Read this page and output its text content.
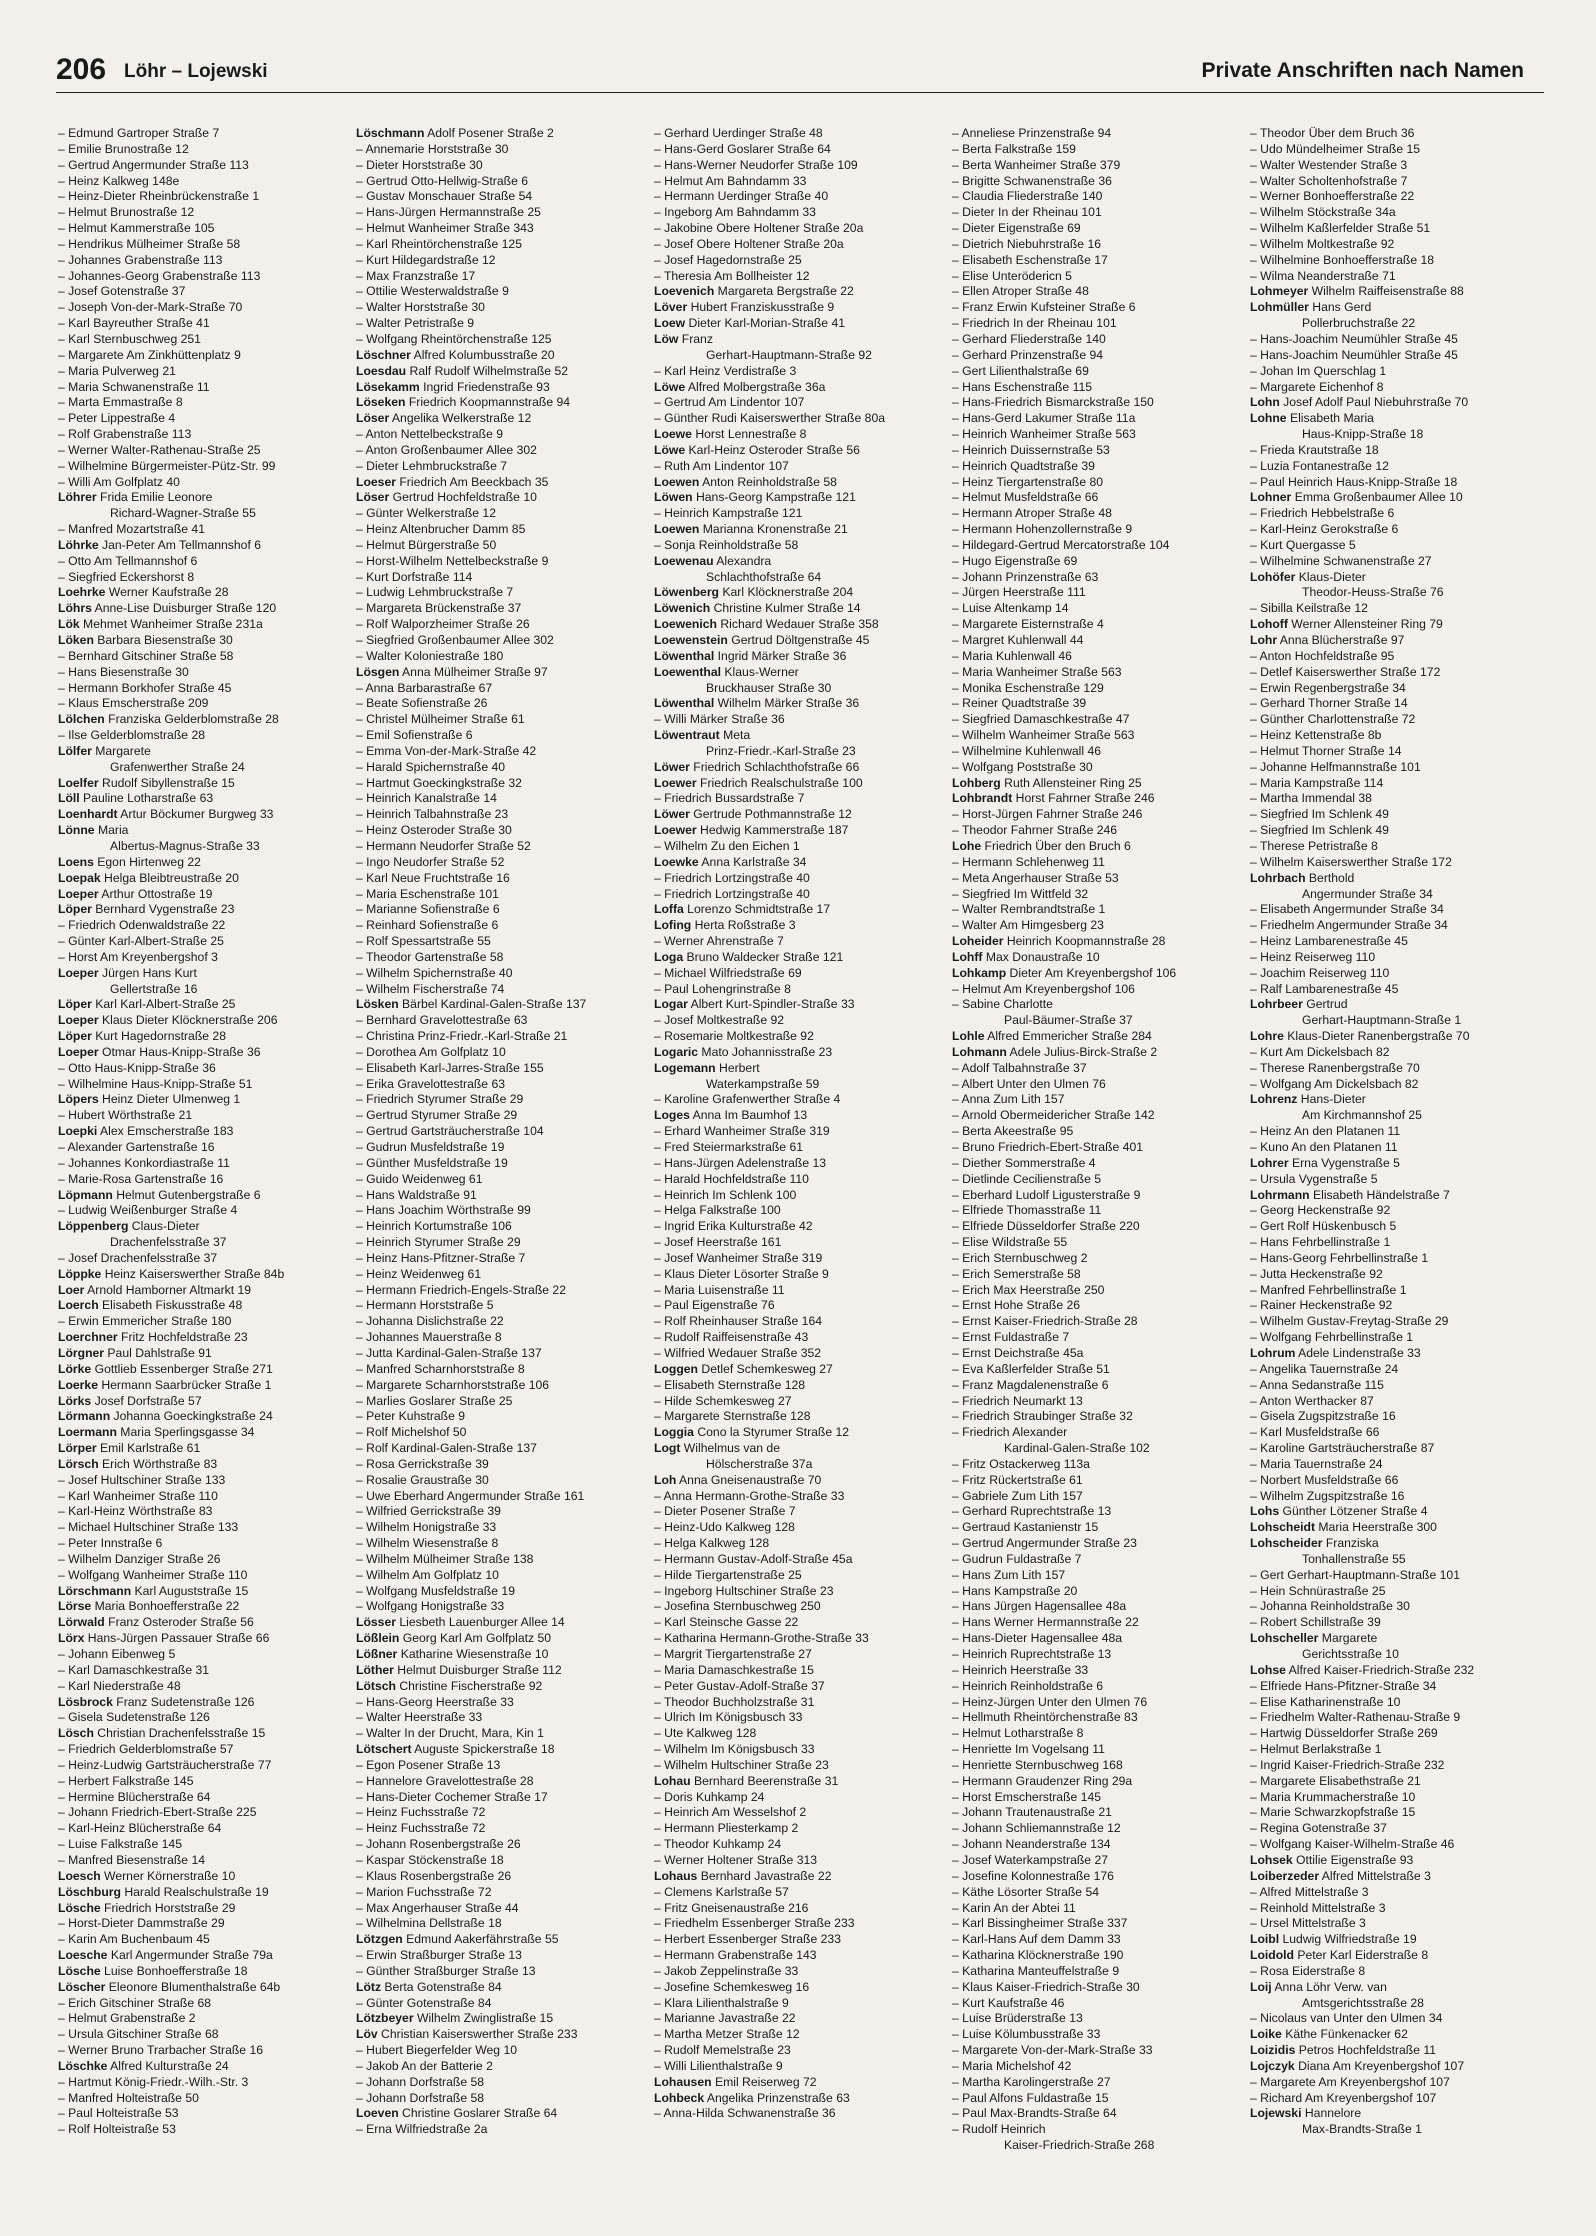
206 Löhr – Lojewski	Private Anschriften nach Namen
– Edmund Gartroper Straße 7
– Emilie Brunostraße 12
– Gertrud Angermunder Straße 113
– Heinz Kalkweg 148e
– Heinz-Dieter Rheinbrückenstraße 1
– Helmut Brunostraße 12
– Helmut Kammerstraße 105
– Hendrikus Mülheimer Straße 58
– Johannes Grabenstraße 113
– Johannes-Georg Grabenstraße 113
– Josef Gotenstraße 37
– Joseph Von-der-Mark-Straße 70
– Karl Bayreuther Straße 41
– Karl Sternbuschweg 251
– Margarete Am Zinkhüttenplatz 9
– Maria Pulverweg 21
– Maria Schwanenstraße 11
– Marta Emmastraße 8
– Peter Lippestraße 4
– Rolf Grabenstraße 113
– Werner Walter-Rathenau-Straße 25
– Wilhelmine Bürgermeister-Pütz-Str. 99
– Willi Am Golfplatz 40
Löhrer Frida Emilie Leonore
Richard-Wagner-Straße 55
– Manfred Mozartstraße 41
Löhrke Jan-Peter Am Tellmannshof 6
– Otto Am Tellmannshof 6
– Siegfried Eckershorst 8
Loehrke Werner Kaufstraße 28
Löhrs Anne-Lise Duisburger Straße 120
Lök Mehmet Wanheimer Straße 231a
Löken Barbara Biesenstraße 30
– Bernhard Gitschiner Straße 58
– Hans Biesenstraße 30
– Hermann Borkhofer Straße 45
– Klaus Emscherstraße 209
Lölchen Franziska Gelderblomstraße 28
– Ilse Gelderblomstraße 28
Lölfer Margarete
Grafenwerther Straße 24
Loelfer Rudolf Sibyllenstraße 15
Löll Pauline Lotharstraße 63
Loenhardt Artur Böckumer Burgweg 33
Lönne Maria
Albertus-Magnus-Straße 33
Loens Egon Hirtenweg 22
Loepak Helga Bleibtreustraße 20
Loeper Arthur Ottostraße 19
Löper Bernhard Vygenstraße 23
– Friedrich Odenwaldstraße 22
– Günter Karl-Albert-Straße 25
– Horst Am Kreyenbergshof 3
Loeper Jürgen Hans Kurt
Gellertstraße 16
Löper Karl Karl-Albert-Straße 25
Loeper Klaus Dieter Klöcknerstraße 206
Löper Kurt Hagedornstraße 28
Loeper Otmar Haus-Knipp-Straße 36
– Otto Haus-Knipp-Straße 36
– Wilhelmine Haus-Knipp-Straße 51
Löpers Heinz Dieter Ulmenweg 1
– Hubert Wörthstraße 21
Loepki Alex Emscherstraße 183
– Alexander Gartenstraße 16
– Johannes Konkordiastraße 11
– Marie-Rosa Gartenstraße 16
Löpmann Helmut Gutenbergstraße 6
– Ludwig Weißenburger Straße 4
Löppenberg Claus-Dieter
Drachenfelsstraße 37
– Josef Drachenfelsstraße 37
Löppke Heinz Kaiserswerther Straße 84b
Loer Arnold Hamborner Altmarkt 19
Loerch Elisabeth Fiskusstraße 48
– Erwin Emmericher Straße 180
Loerchner Fritz Hochfeldstraße 23
Lörgner Paul Dahlstraße 91
Lörke Gottlieb Essenberger Straße 271
Loerke Hermann Saarbrücker Straße 1
Lörks Josef Dorfstraße 57
Lörmann Johanna Goeckingkstraße 24
Loermann Maria Sperlingsgasse 34
Lörper Emil Karlstraße 61
Lörsch Erich Wörthstraße 83
– Josef Hultschiner Straße 133
– Karl Wanheimer Straße 110
– Karl-Heinz Wörthstraße 83
– Michael Hultschiner Straße 133
– Peter Innstraße 6
– Wilhelm Danziger Straße 26
– Wolfgang Wanheimer Straße 110
Lörschmann Karl Auguststraße 15
Lörse Maria Bonhoefferstraße 22
Lörwald Franz Osteroder Straße 56
Lörx Hans-Jürgen Passauer Straße 66
– Johann Eibenweg 5
– Karl Damaschkestraße 31
– Karl Niederstraße 48
Lösbrock Franz Sudetenstraße 126
– Gisela Sudetenstraße 126
Lösch Christian Drachenfelsstraße 15
– Friedrich Gelderblomstraße 57
– Heinz-Ludwig Gartsträucherstraße 77
– Herbert Falkstraße 145
– Hermine Blücherstraße 64
– Johann Friedrich-Ebert-Straße 225
– Karl-Heinz Blücherstraße 64
– Luise Falkstraße 145
– Manfred Biesenstraße 14
Loesch Werner Körnerstraße 10
Löschburg Harald Realschulstraße 19
Lösche Friedrich Horststraße 29
– Horst-Dieter Dammstraße 29
– Karin Am Buchenbaum 45
Loesche Karl Angermunder Straße 79a
Lösche Luise Bonhoefferstraße 18
Löscher Eleonore Blumenthalstraße 64b
– Erich Gitschiner Straße 68
– Helmut Grabenstraße 2
– Ursula Gitschiner Straße 68
– Werner Bruno Trarbacher Straße 16
Löschke Alfred Kulturstraße 24
– Hartmut König-Friedr.-Wilh.-Str. 3
– Manfred Holteistraße 50
– Paul Holteistraße 53
– Rolf Holteistraße 53
Löschmann Adolf Posener Straße 2
– Annemarie Horststraße 30
– Dieter Horststraße 30
– Gertrud Otto-Hellwig-Straße 6
– Gustav Monschauer Straße 54
– Hans-Jürgen Hermannstraße 25
– Helmut Wanheimer Straße 343
– Karl Rheintörchenstraße 125
– Kurt Hildegardstraße 12
– Max Franzstraße 17
– Ottilie Westerwaldstraße 9
– Walter Horststraße 30
– Walter Petristraße 9
– Wolfgang Rheintörchenstraße 125
Löschner Alfred Kolumbusstraße 20
Loesdau Ralf Rudolf Wilhelmstraße 52
Lösekamm Ingrid Friedenstraße 93
Löseken Friedrich Koopmannstraße 94
Löser Angelika Welkerstraße 12
– Anton Nettelbeckstraße 9
– Anton Großenbaumer Allee 302
– Dieter Lehmbruckstraße 7
Loeser Friedrich Am Beeckbach 35
Löser Gertrud Hochfeldstraße 10
– Günter Welkerstraße 12
– Heinz Altenbrucher Damm 85
– Helmut Bürgerstraße 50
– Horst-Wilhelm Nettelbeckstraße 9
– Kurt Dorfstraße 114
– Ludwig Lehmbruckstraße 7
– Margareta Brückenstraße 37
– Rolf Walporzheimer Straße 26
– Siegfried Großenbaumer Allee 302
– Walter Koloniestraße 180
Lösgen Anna Mülheimer Straße 97
– Anna Barbarastraße 67
– Beate Sofienstraße 26
– Christel Mülheimer Straße 61
– Emil Sofienstraße 6
– Emma Von-der-Mark-Straße 42
– Harald Spichernstraße 40
– Hartmut Goeckingkstraße 32
– Heinrich Kanalstraße 14
– Heinrich Talbahnstraße 23
– Heinz Osteroder Straße 30
– Hermann Neudorfer Straße 52
– Ingo Neudorfer Straße 52
– Karl Neue Fruchtstraße 16
– Maria Eschenstraße 101
– Marianne Sofienstraße 6
– Reinhard Sofienstraße 6
– Rolf Spessartstraße 55
– Theodor Gartenstraße 58
– Wilhelm Spichernstraße 40
– Wilhelm Fischerstraße 74
Lösken Bärbel Kardinal-Galen-Straße 137
– Bernhard Gravelottestraße 63
– Christina Prinz-Friedr.-Karl-Straße 21
– Dorothea Am Golfplatz 10
– Elisabeth Karl-Jarres-Straße 155
– Erika Gravelottestraße 63
– Friedrich Styrumer Straße 29
– Gertrud Styrumer Straße 29
– Gertrud Gartsträucherstraße 104
– Gudrun Musfeldstraße 19
– Günther Musfeldstraße 19
– Guido Weidenweg 61
– Hans Waldstraße 91
– Hans Joachim Wörthstraße 99
– Heinrich Kortumstraße 106
– Heinrich Styrumer Straße 29
– Heinz Hans-Pfitzner-Straße 7
– Heinz Weidenweg 61
– Hermann Friedrich-Engels-Straße 22
– Hermann Horststraße 5
– Johanna Dislichstraße 22
– Johannes Mauerstraße 8
– Jutta Kardinal-Galen-Straße 137
– Manfred Scharnhorststraße 8
– Margarete Scharnhorststraße 106
– Marlies Goslarer Straße 25
– Peter Kuhstraße 9
– Rolf Michelshof 50
– Rolf Kardinal-Galen-Straße 137
– Rosa Gerrickstraße 39
– Rosalie Graustraße 30
– Uwe Eberhard Angermunder Straße 161
– Wilfried Gerrickstraße 39
– Wilhelm Honigstraße 33
– Wilhelm Wiesenstraße 8
– Wilhelm Mülheimer Straße 138
– Wilhelm Am Golfplatz 10
– Wolfgang Musfeldstraße 19
– Wolfgang Honigstraße 33
Lösser Liesbeth Lauenburger Allee 14
Lößlein Georg Karl Am Golfplatz 50
Lößner Katharine Wiesenstraße 10
Löther Helmut Duisburger Straße 112
Lötsch Christine Fischerstraße 92
– Hans-Georg Heerstraße 33
– Walter Heerstraße 33
– Walter In der Drucht, Mara, Kin 1
Lötschert Auguste Spickerstraße 18
– Egon Posener Straße 13
– Hannelore Gravelottestraße 28
– Hans-Dieter Cochemer Straße 17
– Heinz Fuchsstraße 72
– Heinz Fuchsstraße 72
– Johann Rosenbergstraße 26
– Kaspar Stöckenstraße 18
– Klaus Rosenbergstraße 26
– Marion Fuchsstraße 72
– Max Angerhauser Straße 44
– Wilhelmina Dellstraße 18
Lötzgen Edmund Aakerfährstraße 55
– Erwin Straßburger Straße 13
– Günther Straßburger Straße 13
Lötz Berta Gotenstraße 84
– Günter Gotenstraße 84
Lötzbeyer Wilhelm Zwinglistraße 15
Löv Christian Kaiserswerther Straße 233
– Hubert Biegerfelder Weg 10
– Jakob An der Batterie 2
– Johann Dorfstraße 58
– Johann Dorfstraße 58
Loeven Christine Goslarer Straße 64
– Erna Wilfriedstraße 2a
– Gerhard Uerdinger Straße 48
– Hans-Gerd Goslarer Straße 64
– Hans-Werner Neudorfer Straße 109
– Helmut Am Bahndamm 33
– Hermann Uerdinger Straße 40
– Ingeborg Am Bahndamm 33
– Jakobine Obere Holtener Straße 20a
– Josef Obere Holtener Straße 20a
– Josef Hagedornstraße 25
– Theresia Am Bollheister 12
Loevenich Margareta Bergstraße 22
Löver Hubert Franziskusstraße 9
Loew Dieter Karl-Morian-Straße 41
Löw Franz
Gerhart-Hauptmann-Straße 92
– Karl Heinz Verdistraße 3
Löwe Alfred Molbergstraße 36a
– Gertrud Am Lindentor 107
– Günther Rudi Kaiserswerther Straße 80a
Loewe Horst Lennestraße 8
Löwe Karl-Heinz Osteroder Straße 56
– Ruth Am Lindentor 107
Loewen Anton Reinholdstraße 58
Löwen Hans-Georg Kampstraße 121
– Heinrich Kampstraße 121
Loewen Marianna Kronenstraße 21
– Sonja Reinholdstraße 58
Loewenau Alexandra
Schlachthofstraße 64
Löwenberg Karl Klöcknerstraße 204
Löwenich Christine Kulmer Straße 14
Loewenich Richard Wedauer Straße 358
Loewenstein Gertrud Döltgenstraße 45
Löwenthal Ingrid Märker Straße 36
Loewenthal Klaus-Werner
Bruckhauser Straße 30
Löwenthal Wilhelm Märker Straße 36
– Willi Märker Straße 36
Löwentraut Meta
Prinz-Friedr.-Karl-Straße 23
Löwer Friedrich Schlachthofstraße 66
Loewer Friedrich Realschulstraße 100
– Friedrich Bussardstraße 7
Löwer Gertrude Pothmannstraße 12
Loewer Hedwig Kammerstraße 187
– Wilhelm Zu den Eichen 1
Loewke Anna Karlstraße 34
– Friedrich Lortzingstraße 40
– Friedrich Lortzingstraße 40
Loffa Lorenzo Schmidtstraße 17
Lofing Herta Roßstraße 3
– Werner Ahrenstraße 7
Loga Bruno Waldecker Straße 121
– Michael Wilfriedstraße 69
– Paul Lohengrinstraße 8
Logar Albert Kurt-Spindler-Straße 33
– Josef Moltkestraße 92
– Rosemarie Moltkestraße 92
Logaric Mato Johannisstraße 23
Logemann Herbert
Waterkampstraße 59
– Karoline Grafenwerther Straße 4
Loges Anna Im Baumhof 13
– Erhard Wanheimer Straße 319
– Fred Steiermarkstraße 61
– Hans-Jürgen Adelenstraße 13
– Harald Hochfeldstraße 110
– Heinrich Im Schlenk 100
– Helga Falkstraße 100
– Ingrid Erika Kulturstraße 42
– Josef Heerstraße 161
– Josef Wanheimer Straße 319
– Klaus Dieter Lösorter Straße 9
– Maria Luisenstraße 11
– Paul Eigenstraße 76
– Rolf Rheinhauser Straße 164
– Rudolf Raiffeisenstraße 43
– Wilfried Wedauer Straße 352
Loggen Detlef Schemkesweg 27
– Elisabeth Sternstraße 128
– Hilde Schemkesweg 27
– Margarete Sternstraße 128
Loggia Cono la Styrumer Straße 12
Logt Wilhelmus van de
Hölscherstraße 37a
Loh Anna Gneisenaustraße 70
– Anna Hermann-Grothe-Straße 33
– Dieter Posener Straße 7
– Heinz-Udo Kalkweg 128
– Helga Kalkweg 128
– Hermann Gustav-Adolf-Straße 45a
– Hilde Tiergartenstraße 25
– Ingeborg Hultschiner Straße 23
– Josefina Sternbuschweg 250
– Karl Steinsche Gasse 22
– Katharina Hermann-Grothe-Straße 33
– Margrit Tiergartenstraße 27
– Maria Damaschkestraße 15
– Peter Gustav-Adolf-Straße 37
– Theodor Buchholzstraße 31
– Ulrich Im Königsbusch 33
– Ute Kalkweg 128
– Wilhelm Im Königsbusch 33
– Wilhelm Hultschiner Straße 23
Lohau Bernhard Beerenstraße 31
– Doris Kuhkamp 24
– Heinrich Am Wesselshof 2
– Hermann Pliesterkamp 2
– Theodor Kuhkamp 24
– Werner Holtener Straße 313
Lohaus Bernhard Javastraße 22
– Clemens Karlstraße 57
– Fritz Gneisenaustraße 216
– Friedhelm Essenberger Straße 233
– Herbert Essenberger Straße 233
– Hermann Grabenstraße 143
– Jakob Zeppelinstraße 33
– Josefine Schemkesweg 16
– Klara Lilienthalstraße 9
– Marianne Javastraße 22
– Martha Metzer Straße 12
– Rudolf Memelstraße 23
– Willi Lilienthalstraße 9
Lohausen Emil Reiserweg 72
Lohbeck Angelika Prinzenstraße 63
– Anna-Hilda Schwanenstraße 36
– Anneliese Prinzenstraße 94
– Berta Falkstraße 159
– Berta Wanheimer Straße 379
– Brigitte Schwanenstraße 36
– Claudia Fliederstraße 140
– Dieter In der Rheinau 101
– Dieter Eigenstraße 69
– Dietrich Niebuhrstraße 16
– Elisabeth Eschenstraße 17
– Elise Unterödericn 5
– Ellen Atroper Straße 48
– Franz Erwin Kufsteiner Straße 6
– Friedrich In der Rheinau 101
– Gerhard Fliederstraße 140
– Gerhard Prinzenstraße 94
– Gert Lilienthalstraße 69
– Hans Eschenstraße 115
– Hans-Friedrich Bismarckstraße 150
– Hans-Gerd Lakumer Straße 11a
– Heinrich Wanheimer Straße 563
– Heinrich Duissernstraße 53
– Heinrich Quadtstraße 39
– Heinz Tiergartenstraße 80
– Helmut Musfeldstraße 66
– Hermann Atroper Straße 48
– Hermann Hohenzollernstraße 9
– Hildegard-Gertrud Mercatorstraße 104
– Hugo Eigenstraße 69
– Johann Prinzenstraße 63
– Jürgen Heerstraße 111
– Luise Altenkamp 14
– Margarete Eisternstraße 4
– Margret Kuhlenwall 44
– Maria Kuhlenwall 46
– Maria Wanheimer Straße 563
– Monika Eschenstraße 129
– Reiner Quadtstraße 39
– Siegfried Damaschkestraße 47
– Wilhelm Wanheimer Straße 563
– Wilhelmine Kuhlenwall 46
– Wolfgang Poststraße 30
Lohberg Ruth Allensteiner Ring 25
Lohbrandt Horst Fahrner Straße 246
– Horst-Jürgen Fahrner Straße 246
– Theodor Fahrner Straße 246
Lohe Friedrich Über den Bruch 6
– Hermann Schlehenweg 11
– Meta Angerhauser Straße 53
– Siegfried Im Wittfeld 32
– Walter Rembrandtstraße 1
– Walter Am Himgesberg 23
Loheider Heinrich Koopmannstraße 28
Lohff Max Donaustraße 10
Lohkamp Dieter Am Kreyenbergshof 106
– Helmut Am Kreyenbergshof 106
– Sabine Charlotte
Paul-Bäumer-Straße 37
Lohle Alfred Emmericher Straße 284
Lohmann Adele Julius-Birck-Straße 2
– Adolf Talbahnstraße 37
– Albert Unter den Ulmen 76
– Anna Zum Lith 157
– Arnold Obermeidericher Straße 142
– Berta Akeestraße 95
– Bruno Friedrich-Ebert-Straße 401
– Diether Sommerstraße 4
– Dietlinde Cecilienstraße 5
– Eberhard Ludolf Ligusterstraße 9
– Elfriede Thomasstraße 11
– Elfriede Düsseldorfer Straße 220
– Elise Wildstraße 55
– Erich Sternbuschweg 2
– Erich Semerstraße 58
– Erich Max Heerstraße 250
– Ernst Hohe Straße 26
– Ernst Kaiser-Friedrich-Straße 28
– Ernst Fuldastraße 7
– Ernst Deichstraße 45a
– Eva Kaßlerfelder Straße 51
– Franz Magdalenenstraße 6
– Friedrich Neumarkt 13
– Friedrich Straubinger Straße 32
– Friedrich Alexander
Kardinal-Galen-Straße 102
– Fritz Ostackerweg 113a
– Fritz Rückertstraße 61
– Gabriele Zum Lith 157
– Gerhard Ruprechtstraße 13
– Gertraud Kastanienstr 15
– Gertrud Angermunder Straße 23
– Gudrun Fuldastraße 7
– Hans Zum Lith 157
– Hans Kampstraße 20
– Hans Jürgen Hagensallee 48a
– Hans Werner Hermannstraße 22
– Hans-Dieter Hagensallee 48a
– Heinrich Ruprechtstraße 13
– Heinrich Heerstraße 33
– Heinrich Reinholdstraße 6
– Heinz-Jürgen Unter den Ulmen 76
– Hellmuth Rheintörchenstraße 83
– Helmut Lotharstraße 8
– Henriette Im Vogelsang 11
– Henriette Sternbuschweg 168
– Hermann Graudenzer Ring 29a
– Horst Emscherstraße 145
– Johann Trautenaustraße 21
– Johann Schliemannstraße 12
– Johann Neanderstraße 134
– Josef Waterkampstraße 27
– Josefine Kolonnestraße 176
– Käthe Lösorter Straße 54
– Karin An der Abtei 11
– Karl Bissingheimer Straße 337
– Karl-Hans Auf dem Damm 33
– Katharina Klöcknerstraße 190
– Katharina Manteuffelstraße 9
– Klaus Kaiser-Friedrich-Straße 30
– Kurt Kaufstraße 46
– Luise Brüderstraße 13
– Luise Kölumbusstraße 33
– Margarete Von-der-Mark-Straße 33
– Maria Michelshof 42
– Martha Karolingerstraße 27
– Paul Alfons Fuldastraße 15
– Paul Max-Brandts-Straße 64
– Rudolf Heinrich
Kaiser-Friedrich-Straße 268
– Theodor Über dem Bruch 36
– Udo Mündelheimer Straße 15
– Walter Westender Straße 3
– Walter Scholtenhofstraße 7
– Werner Bonhoefferstraße 22
– Wilhelm Stöckstraße 34a
– Wilhelm Kaßlerfelder Straße 51
– Wilhelm Moltkestraße 92
– Wilhelmine Bonhoefferstraße 18
– Wilma Neanderstraße 71
Lohmeyer Wilhelm Raiffeisenstraße 88
Lohmüller Hans Gerd
Pollerbruchstraße 22
– Hans-Joachim Neumühler Straße 45
– Hans-Joachim Neumühler Straße 45
– Johan Im Querschlag 1
– Margarete Eichenhof 8
Lohn Josef Adolf Paul Niebuhrstraße 70
Lohne Elisabeth Maria
Haus-Knipp-Straße 18
– Frieda Krautstraße 18
– Luzia Fontanestraße 12
– Paul Heinrich Haus-Knipp-Straße 18
Lohner Emma Großenbaumer Allee 10
– Friedrich Hebbelstraße 6
– Karl-Heinz Gerokstraße 6
– Kurt Quergasse 5
– Wilhelmine Schwanenstraße 27
Lohöfer Klaus-Dieter
Theodor-Heuss-Straße 76
– Sibilla Keilstraße 12
Lohoff Werner Allensteiner Ring 79
Lohr Anna Blücherstraße 97
– Anton Hochfeldstraße 95
– Detlef Kaiserswerther Straße 172
– Erwin Regenbergstraße 34
– Gerhard Thorner Straße 14
– Günther Charlottenstraße 72
– Heinz Kettenstraße 8b
– Helmut Thorner Straße 14
– Johanne Helfmannstraße 101
– Maria Kampstraße 114
– Martha Immendal 38
– Siegfried Im Schlenk 49
– Siegfried Im Schlenk 49
– Therese Petristraße 8
– Wilhelm Kaiserswerther Straße 172
Lohrbach Berthold
Angermunder Straße 34
– Elisabeth Angermunder Straße 34
– Friedhelm Angermunder Straße 34
– Heinz Lambarenestraße 45
– Heinz Reiserweg 110
– Joachim Reiserweg 110
– Ralf Lambarenestraße 45
Lohrbeer Gertrud
Gerhart-Hauptmann-Straße 1
Lohre Klaus-Dieter Ranenbergstraße 70
– Kurt Am Dickelsbach 82
– Therese Ranenbergstraße 70
– Wolfgang Am Dickelsbach 82
Lohrenz Hans-Dieter
Am Kirchmannshof 25
– Heinz An den Platanen 11
– Kuno An den Platanen 11
Lohrer Erna Vygenstraße 5
– Ursula Vygenstraße 5
Lohrmann Elisabeth Händelstraße 7
– Georg Heckenstraße 92
– Gert Rolf Hüskenbusch 5
– Hans Fehrbellinstraße 1
– Hans-Georg Fehrbellinstraße 1
– Jutta Heckenstraße 92
– Manfred Fehrbellinstraße 1
– Rainer Heckenstraße 92
– Wilhelm Gustav-Freytag-Straße 29
– Wolfgang Fehrbellinstraße 1
Lohrum Adele Lindenstraße 33
– Angelika Tauernstraße 24
– Anna Sedanstraße 115
– Anton Werthacker 87
– Gisela Zugspitzstraße 16
– Karl Musfeldstraße 66
– Karoline Gartsträucherstraße 87
– Maria Tauernstraße 24
– Norbert Musfeldstraße 66
– Wilhelm Zugspitzstraße 16
Lohs Günther Lötzener Straße 4
Lohscheidt Maria Heerstraße 300
Lohscheider Franziska
Tonhallenstraße 55
– Gert Gerhart-Hauptmann-Straße 101
– Hein Schnürastraße 25
– Johanna Reinholdstraße 30
– Robert Schillstraße 39
Lohscheller Margarete
Gerichtsstraße 10
Lohse Alfred Kaiser-Friedrich-Straße 232
– Elfriede Hans-Pfitzner-Straße 34
– Elise Katharinenstraße 10
– Friedhelm Walter-Rathenau-Straße 9
– Hartwig Düsseldorfer Straße 269
– Helmut Berlakstraße 1
– Ingrid Kaiser-Friedrich-Straße 232
– Margarete Elisabethstraße 21
– Maria Krummacherstraße 10
– Marie Schwarzkopfstraße 15
– Regina Gotenstraße 37
– Wolfgang Kaiser-Wilhelm-Straße 46
Lohsek Ottilie Eigenstraße 93
Loiberzeder Alfred Mittelstraße 3
– Alfred Mittelstraße 3
– Reinhold Mittelstraße 3
– Ursel Mittelstraße 3
Loibl Ludwig Wilfriedstraße 19
Loidold Peter Karl Eiderstraße 8
– Rosa Eiderstraße 8
Loij Anna Löhr Verw. van
Amtsgerichtsstraße 28
– Nicolaus van Unter den Ulmen 34
Loike Käthe Fünkenacker 62
Loizidis Petros Hochfeldstraße 11
Lojczyk Diana Am Kreyenbergshof 107
– Margarete Am Kreyenbergshof 107
– Richard Am Kreyenbergshof 107
Lojewski Hannelore
Max-Brandts-Straße 1
